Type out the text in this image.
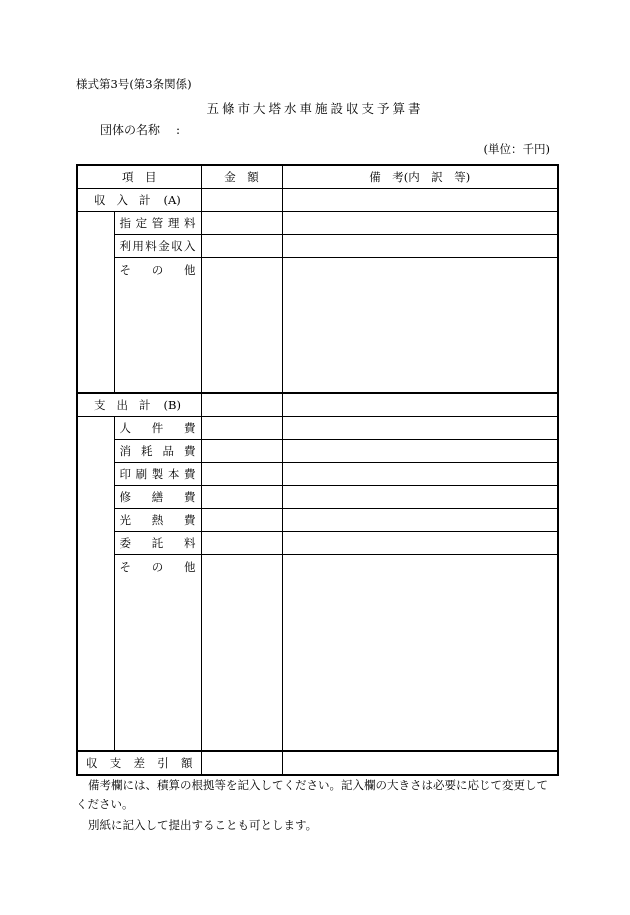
様式第3号(第3条関係)
五條市大塔水車施設収支予算書
団体の名称 :
(単位：千円)
項　目		金　額	備　考(内　訳　等)
収入計 (A)			
	指定管理料		
	利用料金収入		
	その他		
支出計 (B)			
	人件費		
	消耗品費		
	印刷製本費		
	修繕費		
	光熱費		
	委託料		
	その他		
収支差引額			
備考欄には、積算の根拠等を記入してください。記入欄の大きさは必要に応じて変更してください。
別紙に記入して提出することも可とします。
